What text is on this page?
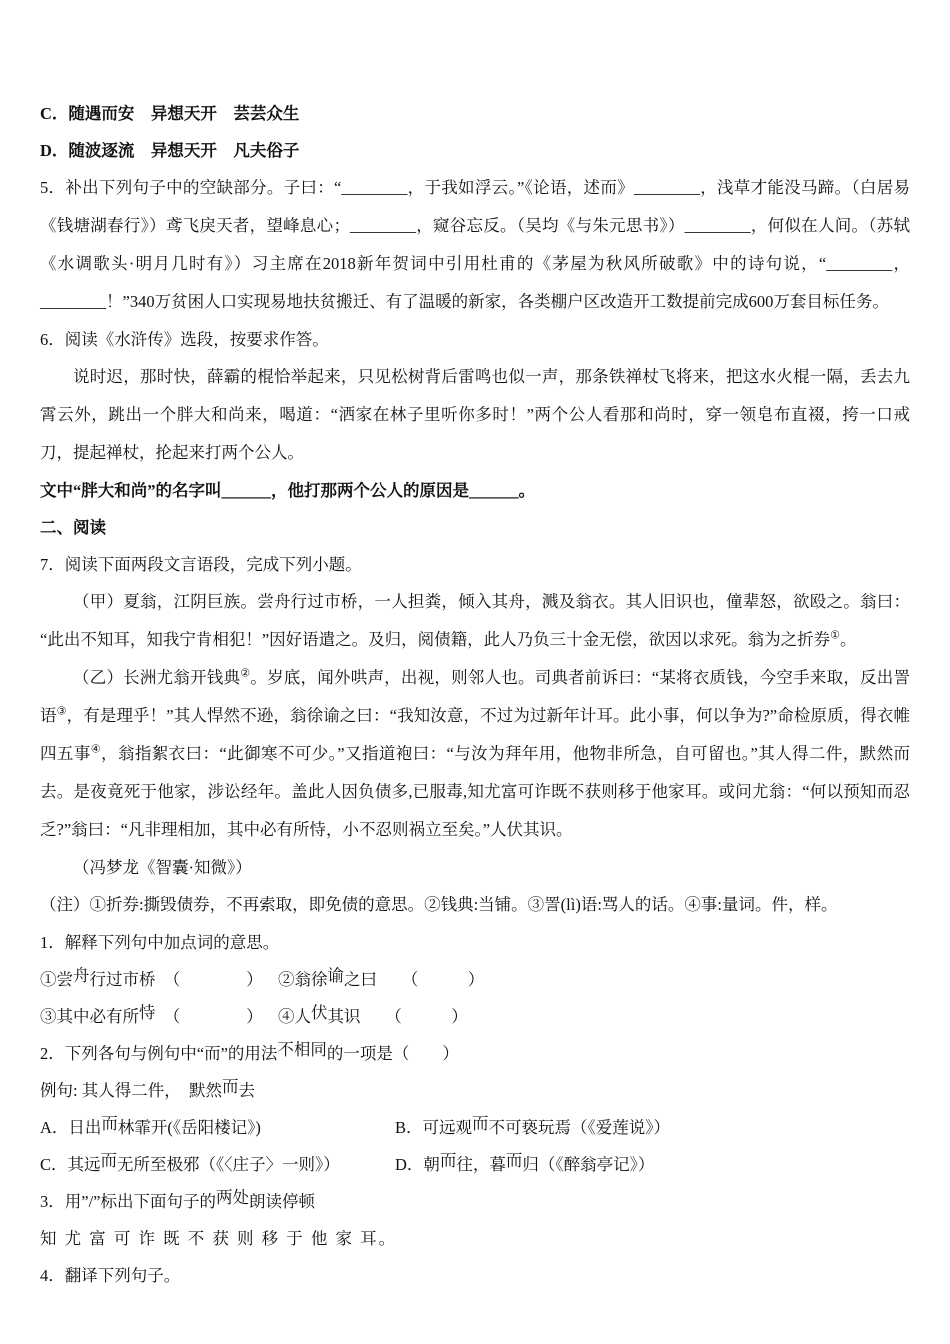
C．随遇而安　异想天开　芸芸众生
D．随波逐流　异想天开　凡夫俗子
5．补出下列句子中的空缺部分。子曰：“________，于我如浮云。”《论语，述而》________，浅草才能没马蹄。（白居易《钱塘湖春行》）鸢飞戾天者，望峰息心；________，窥谷忘反。（吴均《与朱元思书》）________，何似在人间。（苏轼《水调歌头·明月几时有》）习主席在2018新年贺词中引用杜甫的《茅屋为秋风所破歌》中的诗句说，“________，________！”340万贫困人口实现易地扶贫搬迁、有了温暖的新家，各类棚户区改造开工数提前完成600万套目标任务。
6．阅读《水浒传》选段，按要求作答。
说时迟，那时快，薛霸的棍恰举起来，只见松树背后雷鸣也似一声，那条铁禅杖飞将来，把这水火棍一隔，丢去九霄云外，跳出一个胖大和尚来，喝道：“洒家在林子里听你多时！”两个公人看那和尚时，穿一领皂布直裰，挎一口戒刀，提起禅杖，抡起来打两个公人。
文中“胖大和尚”的名字叫______，他打那两个公人的原因是______。
二、阅读
7．阅读下面两段文言语段，完成下列小题。
（甲）夏翁，江阴巨族。尝舟行过市桥，一人担粪，倾入其舟，溅及翁衣。其人旧识也，僮辈怒，欲殴之。翁曰：“此出不知耳，知我宁肯相犯！”因好语遣之。及归，阅债籍，此人乃负三十金无偿，欲因以求死。翁为之折券①。
（乙）长洲尤翁开钱典②。岁底，闻外哄声，出视，则邻人也。司典者前诉曰：“某将衣质钱，今空手来取，反出詈语③，有是理乎！”其人悍然不逊，翁徐谕之曰：“我知汝意，不过为过新年计耳。此小事，何以争为?”命检原质，得衣帷四五事④，翁指絮衣曰：“此御寒不可少。”又指道袍曰：“与汝为拜年用，他物非所急，自可留也。”其人得二件，默然而去。是夜竟死于他家，涉讼经年。盖此人因负债多,已服毒,知尤富可诈既不获则移于他家耳。或问尤翁：“何以预知而忍乏?”翁曰：“凡非理相加，其中必有所恃，小不忍则祸立至矣。”人伏其识。
（冯梦龙《智囊·知微》）
（注）①折券:撕毁债券，不再索取，即免债的意思。②钱典:当铺。③詈(lì)语:骂人的话。④事:量词。件，样。
1．解释下列句中加点词的意思。
①尝舟行过市桥　（　　　　） ②翁徐谕之曰　　（　　　）
③其中必有所恃　（　　　　） ④人伏其识　　（　　　）
2．下列各句与例句中“而”的用法不相同的一项是（　　）
例句: 其人得二件，　默然而去
A．日出而林霏开(《岳阳楼记》)	B．可远观而不可亵玩焉（《爱莲说》）
C．其远而无所至极邪（《〈庄子〉一则》）	D．朝而往，暮而归（《醉翁亭记》）
3．用”/”标出下面句子的两处朗读停顿
知 尤 富 可 诈 既 不 获 则 移 于 他 家 耳。
4．翻译下列句子。
